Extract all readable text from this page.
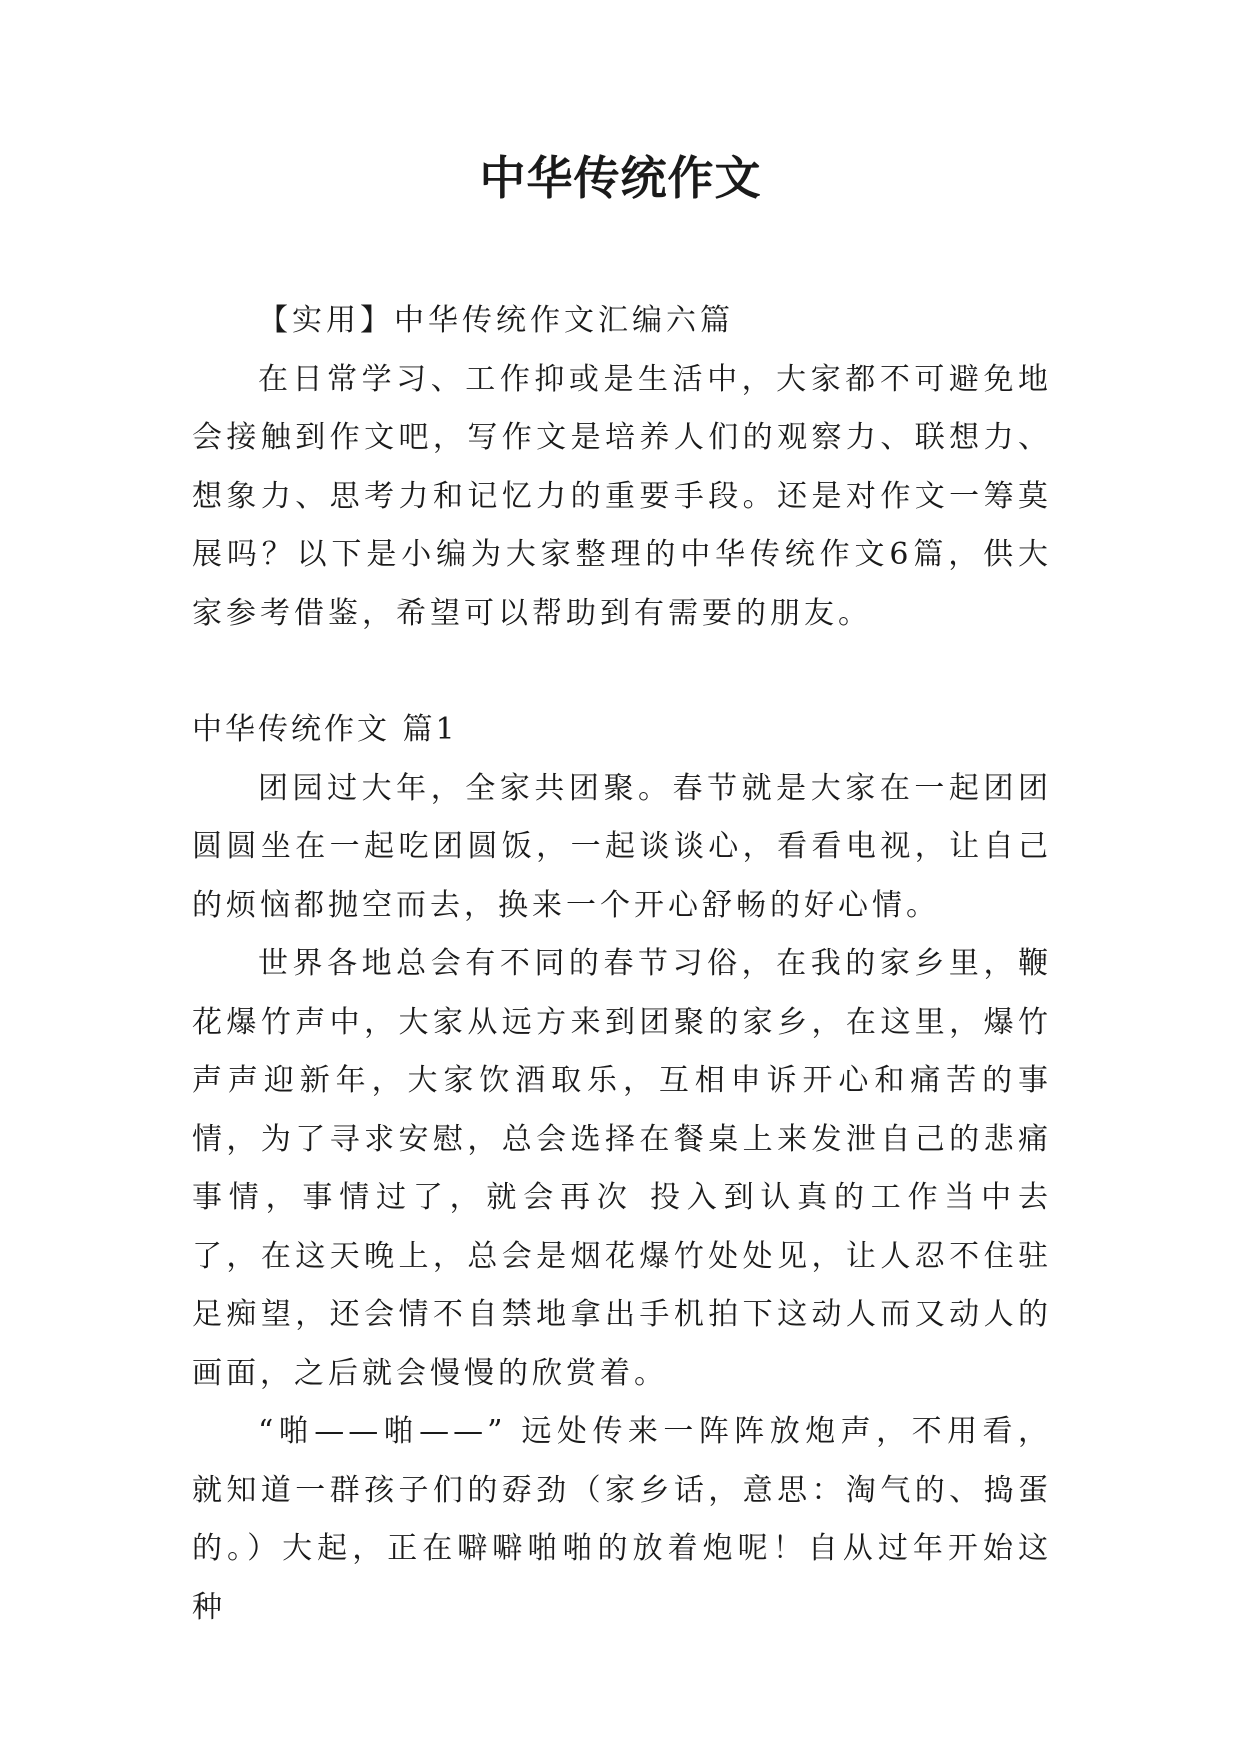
中华传统作文

【实用】中华传统作文汇编六篇

在日常学习、工作抑或是生活中，大家都不可避免地会接触到作文吧，写作文是培养人们的观察力、联想力、想象力、思考力和记忆力的重要手段。还是对作文一筹莫展吗？以下是小编为大家整理的中华传统作文6篇，供大家参考借鉴，希望可以帮助到有需要的朋友。

中华传统作文 篇1

团园过大年，全家共团聚。春节就是大家在一起团团圆圆坐在一起吃团圆饭，一起谈谈心，看看电视，让自己的烦恼都抛空而去，换来一个开心舒畅的好心情。

世界各地总会有不同的春节习俗，在我的家乡里，鞭花爆竹声中，大家从远方来到团聚的家乡，在这里，爆竹声声迎新年，大家饮酒取乐，互相申诉开心和痛苦的事情，为了寻求安慰，总会选择在餐桌上来发泄自己的悲痛事情，事情过了，就会再次 投入到认真的工作当中去了，在这天晚上，总会是烟花爆竹处处见，让人忍不住驻足痴望，还会情不自禁地拿出手机拍下这动人而又动人的画面，之后就会慢慢的欣赏着。

“啪——啪——” 远处传来一阵阵放炮声，不用看，就知道一群孩子们的孬劲（家乡话，意思：淘气的、捣蛋的。）大起，正在噼噼啪啪的放着炮呢！自从过年开始这种
